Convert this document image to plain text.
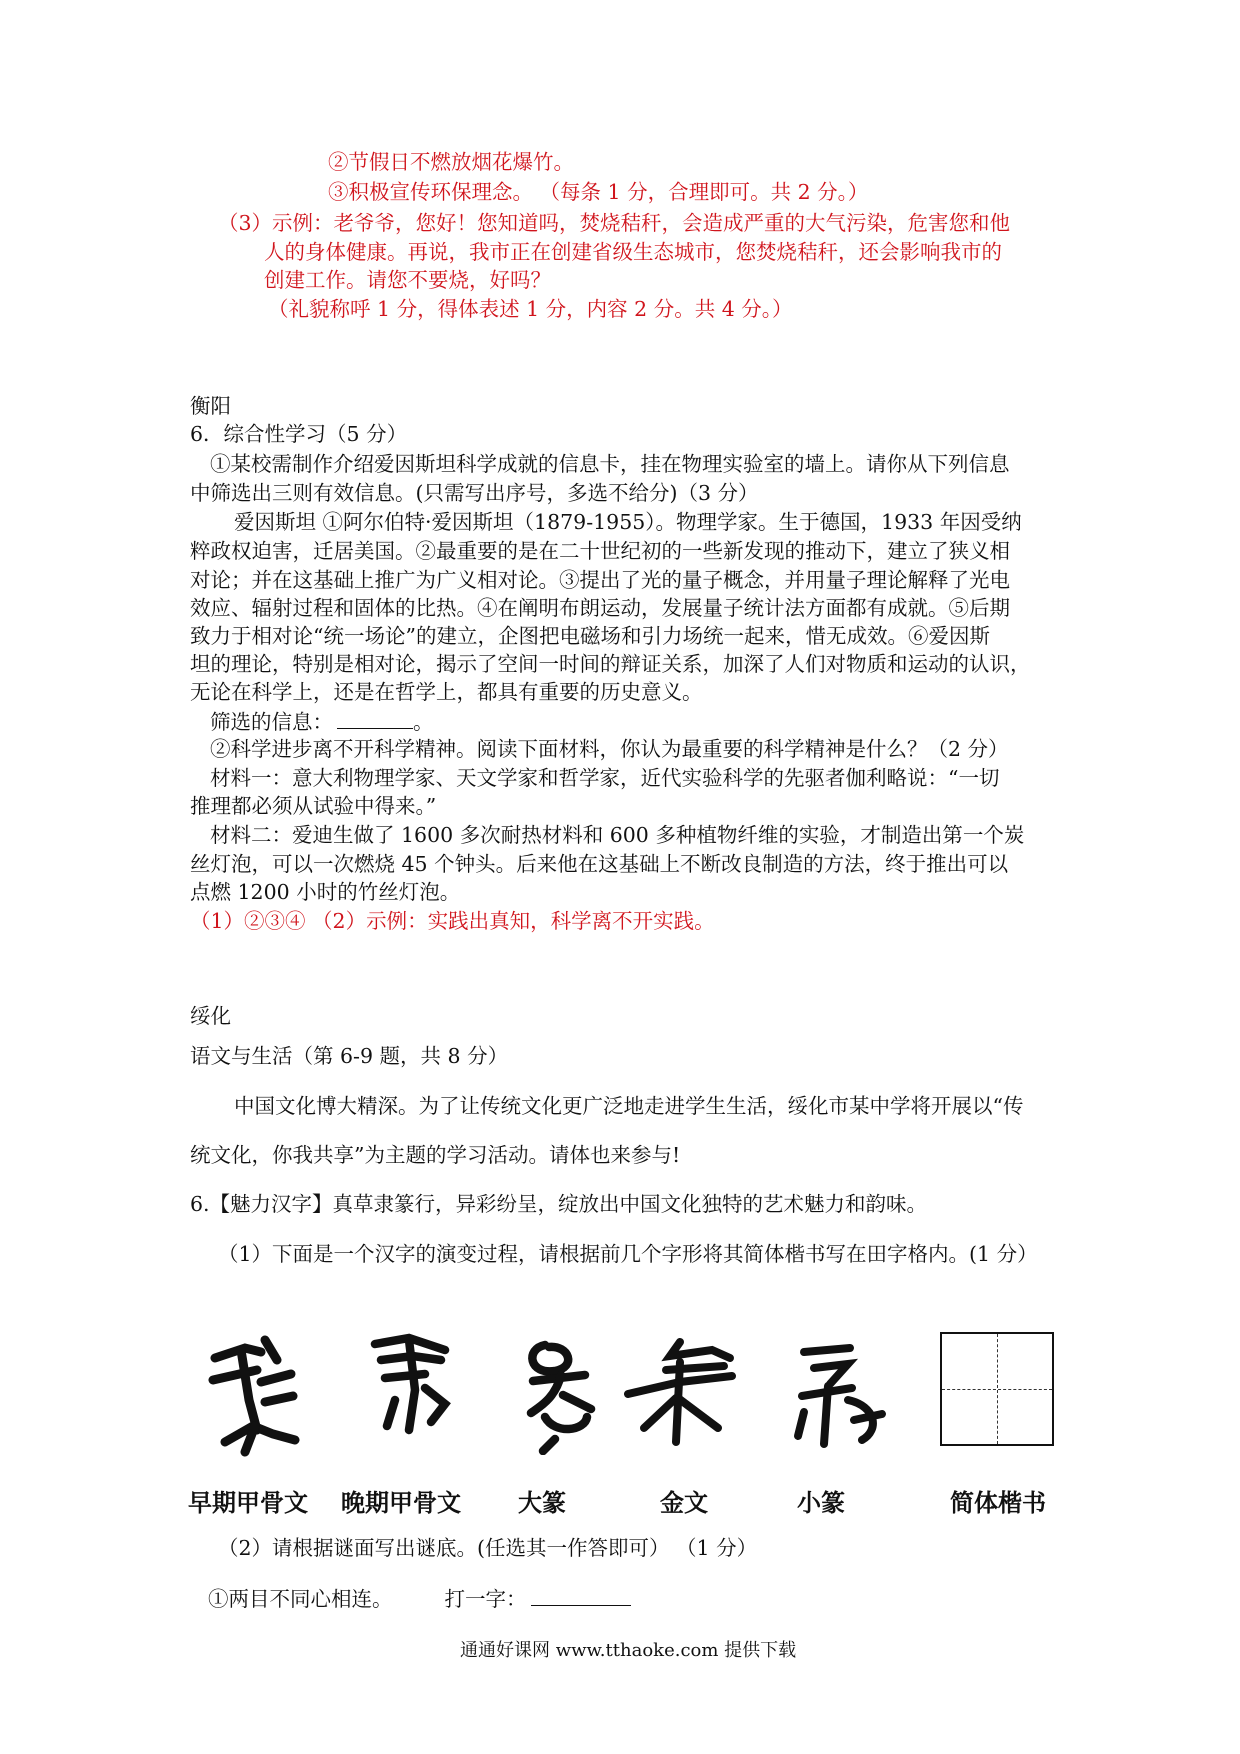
②节假日不燃放烟花爆竹。
③积极宣传环保理念。 （每条 1 分，合理即可。共 2 分。）
（3）示例：老爷爷，您好！您知道吗，焚烧秸秆，会造成严重的大气污染，危害您和他
人的身体健康。再说，我市正在创建省级生态城市，您焚烧秸秆，还会影响我市的
创建工作。请您不要烧，好吗？
（礼貌称呼 1 分，得体表述 1 分，内容 2 分。共 4 分。）
衡阳
6．综合性学习（5 分）
①某校需制作介绍爱因斯坦科学成就的信息卡，挂在物理实验室的墙上。请你从下列信息
中筛选出三则有效信息。(只需写出序号，多选不给分)（3 分）
爱因斯坦 ①阿尔伯特·爱因斯坦（1879-1955）。物理学家。生于德国，1933 年因受纳
粹政权迫害，迁居美国。②最重要的是在二十世纪初的一些新发现的推动下，建立了狭义相
对论；并在这基础上推广为广义相对论。③提出了光的量子概念，并用量子理论解释了光电
效应、辐射过程和固体的比热。④在阐明布朗运动，发展量子统计法方面都有成就。⑤后期
致力于相对论“统一场论”的建立，企图把电磁场和引力场统一起来，惜无成效。⑥爱因斯
坦的理论，特别是相对论，揭示了空间一时间的辩证关系，加深了人们对物质和运动的认识，
无论在科学上，还是在哲学上，都具有重要的历史意义。
筛选的信息：	。
②科学进步离不开科学精神。阅读下面材料，你认为最重要的科学精神是什么？（2 分）
材料一：意大利物理学家、天文学家和哲学家，近代实验科学的先驱者伽利略说：“一切
推理都必须从试验中得来。”
材料二：爱迪生做了 1600 多次耐热材料和 600 多种植物纤维的实验，才制造出第一个炭
丝灯泡，可以一次燃烧 45 个钟头。后来他在这基础上不断改良制造的方法，终于推出可以
点燃 1200 小时的竹丝灯泡。
（1）②③④ （2）示例：实践出真知，科学离不开实践。
绥化
语文与生活（第 6-9 题，共 8 分）
中国文化博大精深。为了让传统文化更广泛地走进学生生活，绥化市某中学将开展以“传
统文化，你我共享”为主题的学习活动。请体也来参与!
6.【魅力汉字】真草隶篆行，异彩纷呈，绽放出中国文化独特的艺术魅力和韵味。
（1）下面是一个汉字的演变过程，请根据前几个字形将其简体楷书写在田字格内。(1 分）
早期甲骨文 晚期甲骨文 大篆	金文	小篆	简体楷书
（2）请根据谜面写出谜底。(任选其一作答即可） （1 分）
①两目不同心相连。	打一字：
通通好课网 www.tthaoke.com 提供下载
